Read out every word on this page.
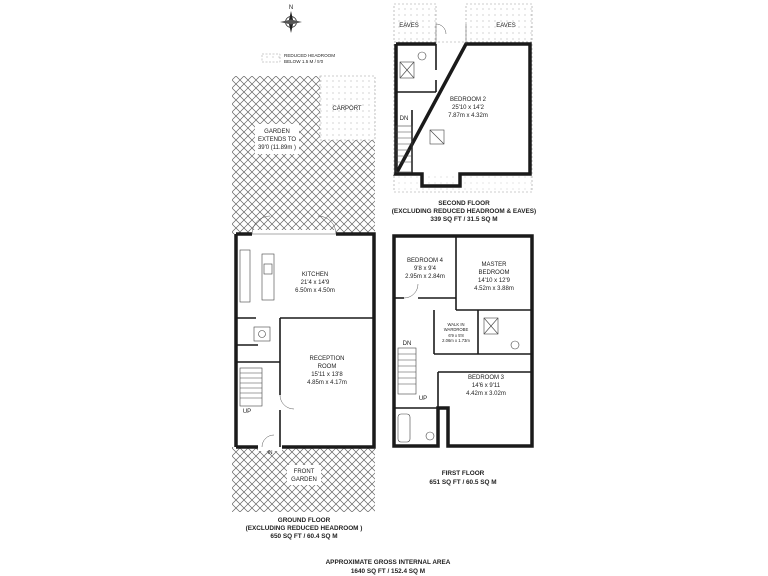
N
REDUCED HEADROOM
BELOW 1.5 M / 5'0
GARDEN
EXTENDS TO
39'0 (11.89m )
CARPORT
FRONT
GARDEN
IN
UP
KITCHEN
21'4 x 14'9
6.50m x 4.50m
RECEPTION
ROOM
15'11 x 13'8
4.85m x 4.17m
GROUND FLOOR
(EXCLUDING REDUCED HEADROOM )
650 SQ FT / 60.4 SQ M
EAVES	EAVES
DN
BEDROOM 2
25'10 x 14'2
7.87m x 4.32m
SECOND FLOOR
(EXCLUDING REDUCED HEADROOM & EAVES)
339 SQ FT / 31.5 SQ M
BEDROOM 4
9'8 x 9'4
2.95m x 2.84m
MASTER
BEDROOM
14'10 x 12'9
4.52m x 3.88m
WALK IN
WARDROBE
6'9 x 5'8
2.06m x 1.73m
DN
UP
BEDROOM 3
14'6 x 9'11
4.42m x 3.02m
FIRST FLOOR
651 SQ FT / 60.5 SQ M
APPROXIMATE GROSS INTERNAL AREA
1640 SQ FT / 152.4 SQ M
